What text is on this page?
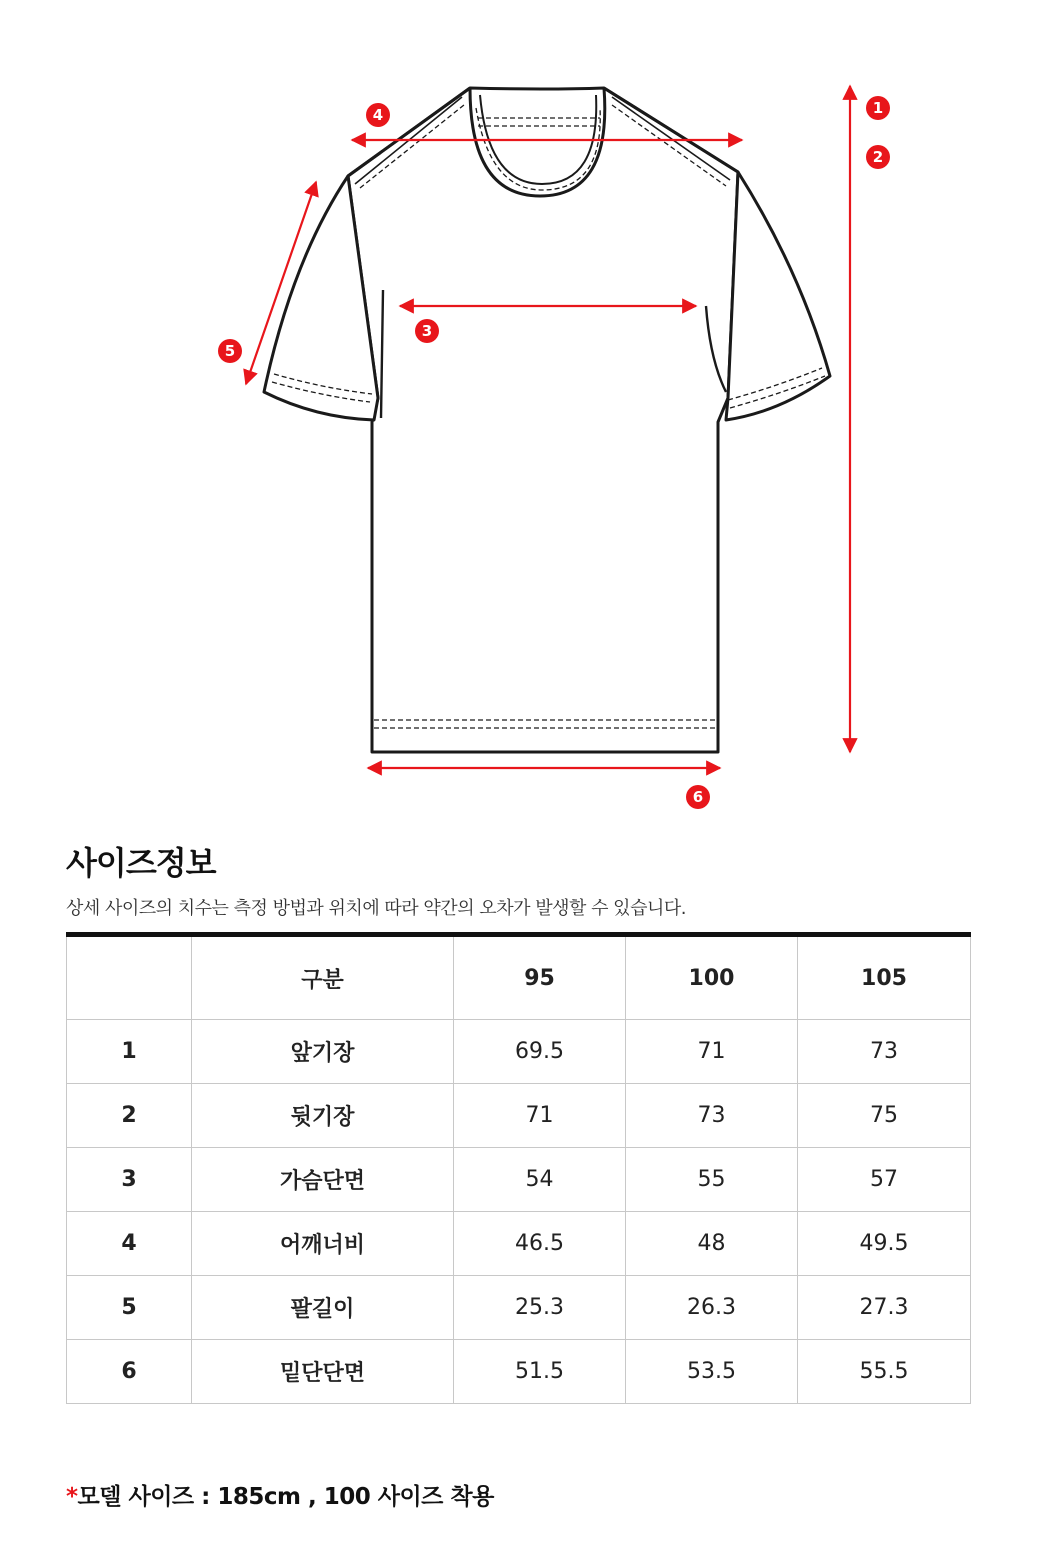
1
2
3
4
5
6
사이즈정보

상세 사이즈의 치수는 측정 방법과 위치에 따라 약간의 오차가 발생할 수 있습니다.

	구분	95	100	105
1	앞기장	69.5	71	73
2	뒷기장	71	73	75
3	가슴단면	54	55	57
4	어깨너비	46.5	48	49.5
5	팔길이	25.3	26.3	27.3
6	밑단단면	51.5	53.5	55.5

*모델 사이즈 : 185cm , 100 사이즈 착용
